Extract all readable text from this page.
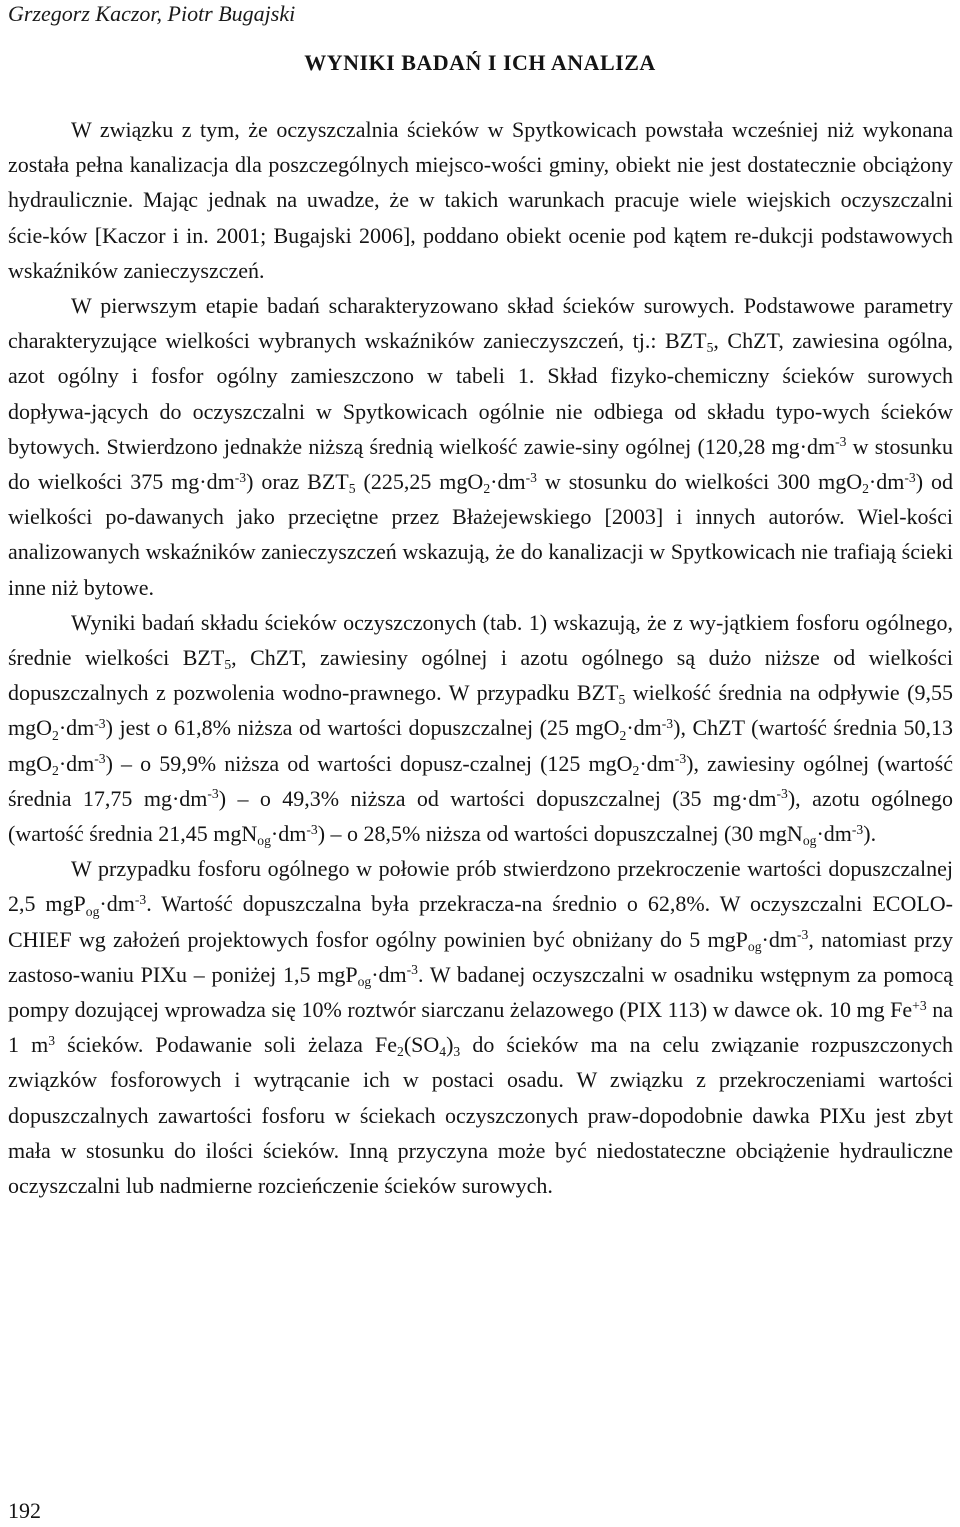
Grzegorz Kaczor, Piotr Bugajski
WYNIKI BADAŃ I ICH ANALIZA

W związku z tym, że oczyszczalnia ścieków w Spytkowicach powstała wcześniej niż wykonana została pełna kanalizacja dla poszczególnych miejsco-wości gminy, obiekt nie jest dostatecznie obciążony hydraulicznie. Mając jednak na uwadze, że w takich warunkach pracuje wiele wiejskich oczyszczalni ście-ków [Kaczor i in. 2001; Bugajski 2006], poddano obiekt ocenie pod kątem re-dukcji podstawowych wskaźników zanieczyszczeń.

W pierwszym etapie badań scharakteryzowano skład ścieków surowych. Podstawowe parametry charakteryzujące wielkości wybranych wskaźników zanieczyszczeń, tj.: $BZT_5$, ChZT, zawiesina ogólna, azot ogólny i fosfor ogólny zamieszczono w tabeli 1. Skład fizyko-chemiczny ścieków surowych dopływa-jących do oczyszczalni w Spytkowicach ogólnie nie odbiega od składu typo-wych ścieków bytowych. Stwierdzono jednakże niższą średnią wielkość zawie-siny ogólnej (120,28 $mg\cdot dm^{-3}$ w stosunku do wielkości 375 $mg\cdot dm^{-3}$) oraz $BZT_5$ (225,25 $mgO_2\cdot dm^{-3}$ w stosunku do wielkości 300 $mgO_2\cdot dm^{-3}$) od wielkości po-dawanych jako przeciętne przez Błażejewskiego [2003] i innych autorów. Wiel-kości analizowanych wskaźników zanieczyszczeń wskazują, że do kanalizacji w Spytkowicach nie trafiają ścieki inne niż bytowe.

Wyniki badań składu ścieków oczyszczonych (tab. 1) wskazują, że z wy-jątkiem fosforu ogólnego, średnie wielkości $BZT_5$, ChZT, zawiesiny ogólnej i azotu ogólnego są dużo niższe od wielkości dopuszczalnych z pozwolenia wodno-prawnego. W przypadku $BZT_5$ wielkość średnia na odpływie (9,55 $mgO_2\cdot dm^{-3}$) jest o 61,8% niższa od wartości dopuszczalnej (25 $mgO_2\cdot dm^{-3}$), ChZT (wartość średnia 50,13 $mgO_2\cdot dm^{-3}) - o$ 59,9% niższa od wartości dopusz-czalnej (125 $mgO_2\cdot dm^{-3}$), zawiesiny ogólnej (wartość średnia 17,75 $mg\cdot dm^{-3}) - o$ 49,3% niższa od wartości dopuszczalnej (35 $mg\cdot dm^{-3}$), azotu ogólnego (wartość średnia 21,45 $mgN_{og}\cdot dm^{-3}) - o$ 28,5% niższa od wartości dopuszczalnej (30 $mgN_{og}\cdot dm^{-3}$).

W przypadku fosforu ogólnego w połowie prób stwierdzono przekroczenie wartości dopuszczalnej 2,5 $mgP_{og}\cdot dm^{-3}$. Wartość dopuszczalna była przekracza-na średnio o 62,8%. W oczyszczalni ECOLO-CHIEF wg założeń projektowych fosfor ogólny powinien być obniżany do 5 $mgP_{og}\cdot dm^{-3}$, natomiast przy zastoso-waniu PIXu – poniżej 1,5 $mgP_{og}\cdot dm^{-3}$. W badanej oczyszczalni w osadniku wstępnym za pomocą pompy dozującej wprowadza się 10% roztwór siarczanu żelazowego (PIX 113) w dawce ok. 10 mg $Fe^{+3}$ na 1 $m^3$ ścieków. Podawanie soli żelaza $Fe_2(SO_4)_3$ do ścieków ma na celu związanie rozpuszczonych związków fosforowych i wytrącanie ich w postaci osadu. W związku z przekroczeniami wartości dopuszczalnych zawartości fosforu w ściekach oczyszczonych praw-dopodobnie dawka PIXu jest zbyt mała w stosunku do ilości ścieków. Inną przyczyna może być niedostateczne obciążenie hydrauliczne oczyszczalni lub nadmierne rozcieńczenie ścieków surowych.

192
